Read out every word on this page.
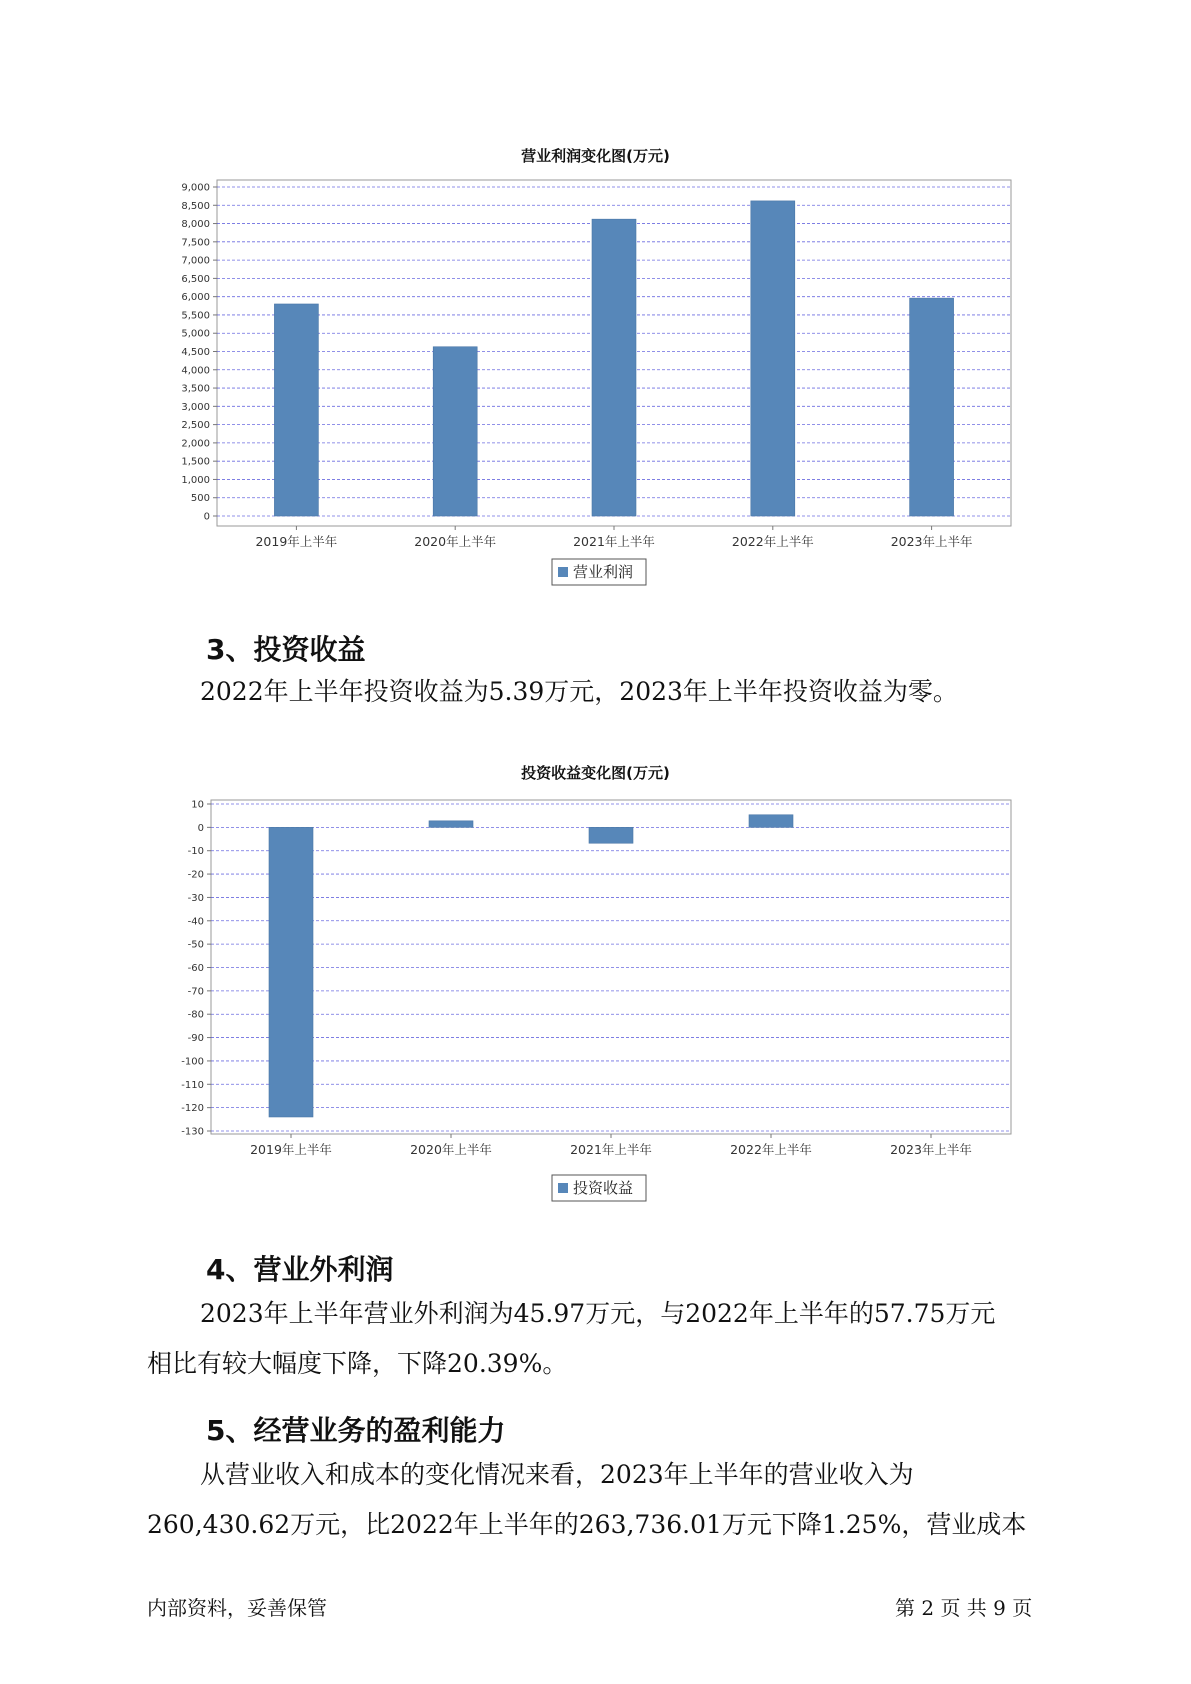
营业利润变化图(万元)
0
500
1,000
1,500
2,000
2,500
3,000
3,500
4,000
4,500
5,000
5,500
6,000
6,500
7,000
7,500
8,000
8,500
9,000
2019年上半年	2020年上半年	2021年上半年	2022年上半年	2023年上半年
营业利润
3、投资收益
2022年上半年投资收益为5.39万元，2023年上半年投资收益为零。
投资收益变化图(万元)
10
0
-10
-20
-30
-40
-50
-60
-70
-80
-90
-100
-110
-120
-130
2019年上半年	2020年上半年	2021年上半年	2022年上半年	2023年上半年
投资收益
4、营业外利润
2023年上半年营业外利润为45.97万元，与2022年上半年的57.75万元
相比有较大幅度下降，下降20.39%。
5、经营业务的盈利能力
从营业收入和成本的变化情况来看，2023年上半年的营业收入为
260,430.62万元，比2022年上半年的263,736.01万元下降1.25%，营业成本
内部资料，妥善保管	第 2 页 共 9 页
